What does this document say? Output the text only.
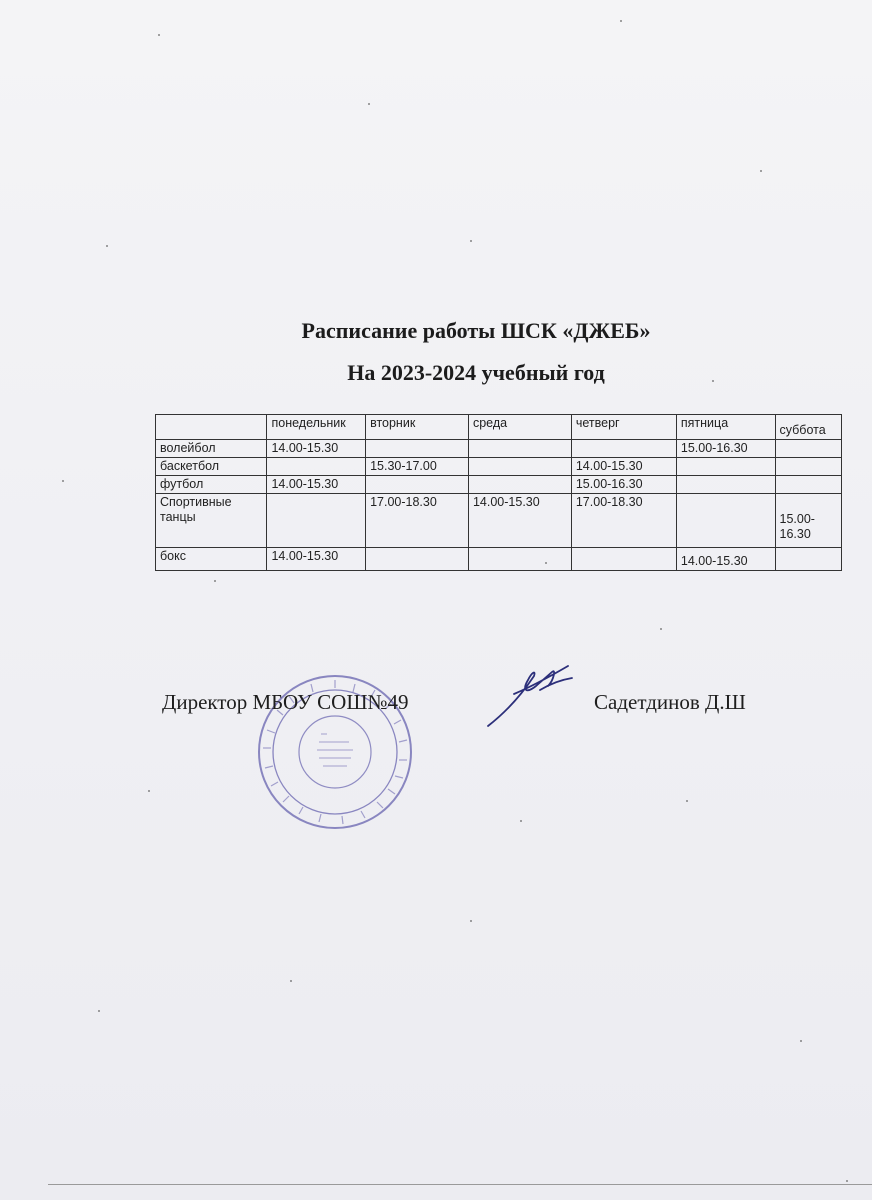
Расписание работы ШСК «ДЖЕБ»
На 2023-2024 учебный год
	понедельник	вторник	среда	четверг	пятница	суббота
волейбол	14.00-15.30				15.00-16.30	
баскетбол		15.30-17.00		14.00-15.30		
футбол	14.00-15.30			15.00-16.30		
Спортивные танцы		17.00-18.30	14.00-15.30	17.00-18.30		15.00-16.30
бокс	14.00-15.30				14.00-15.30	
Директор МБОУ СОШ№49	Садетдинов Д.Ш
